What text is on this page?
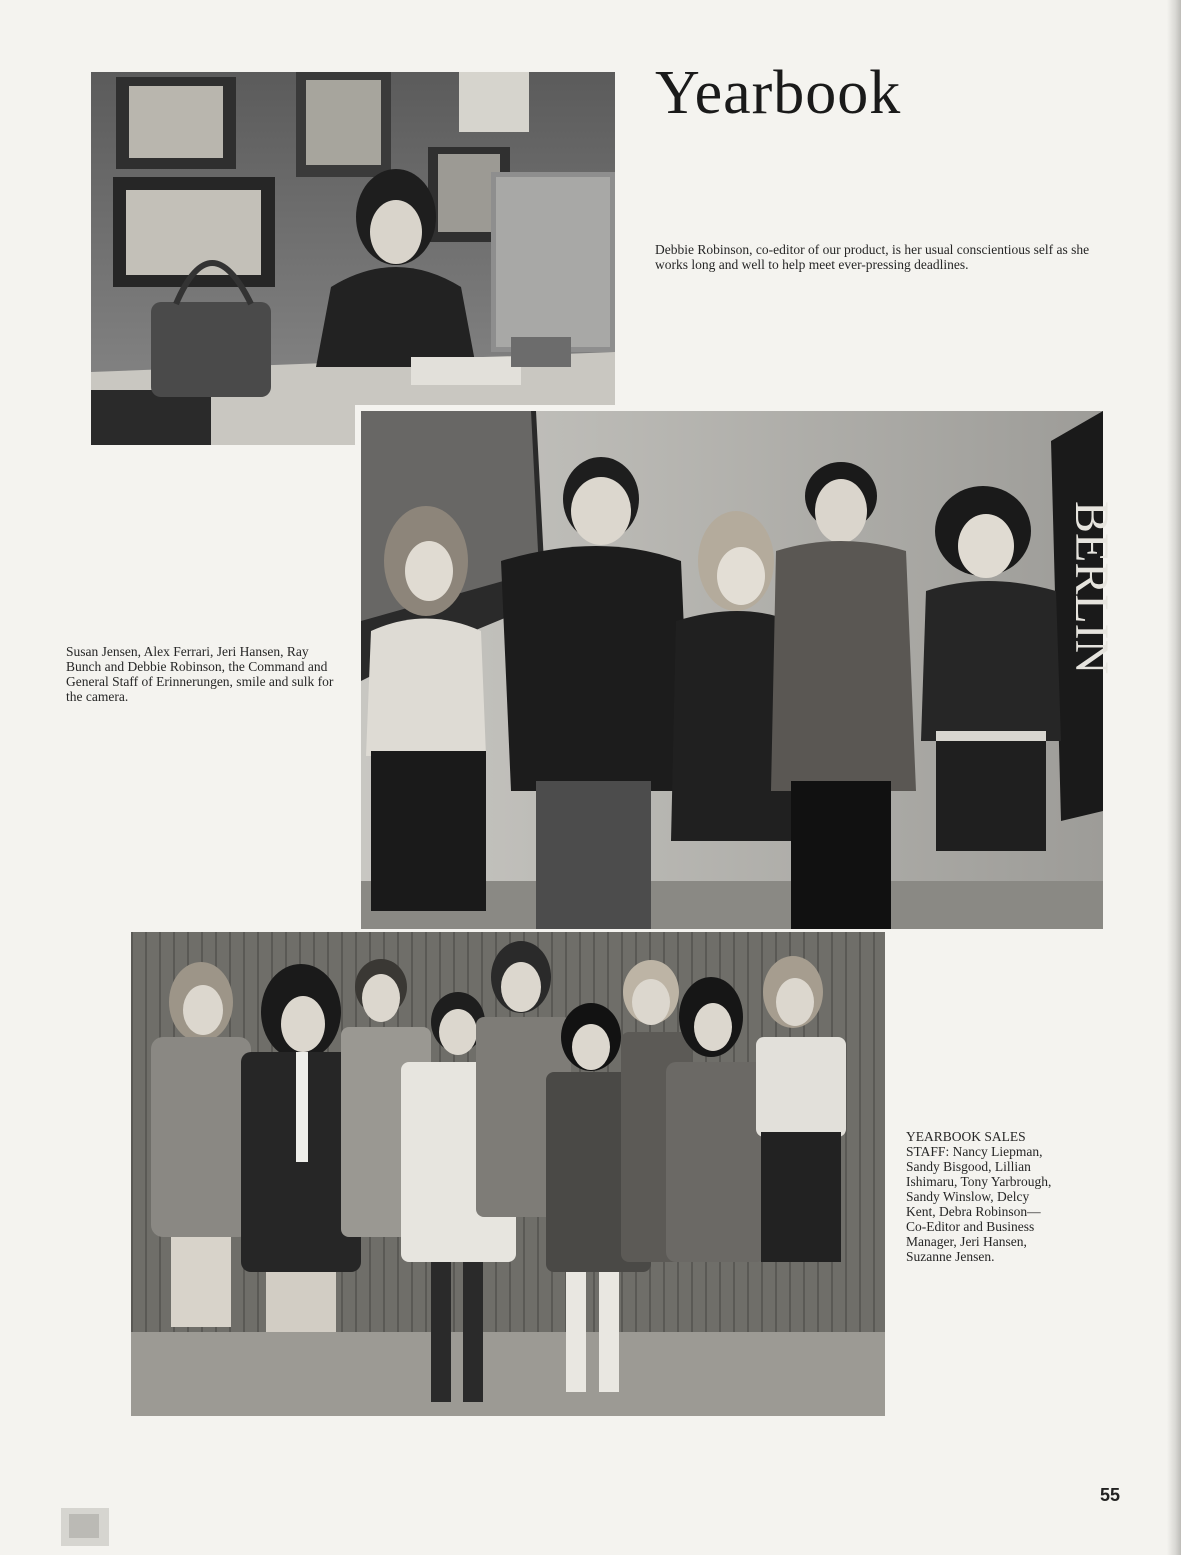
Yearbook

Debbie Robinson, co-editor of our product, is her usual conscientious self as she works long and well to help meet ever-pressing deadlines.

BERLIN

Susan Jensen, Alex Ferrari, Jeri Hansen, Ray Bunch and Debbie Robinson, the Command and General Staff of Erinnerungen, smile and sulk for the camera.

YEARBOOK SALES STAFF: Nancy Liepman, Sandy Bisgood, Lillian Ishimaru, Tony Yarbrough, Sandy Winslow, Delcy Kent, Debra Robinson—Co-Editor and Business Manager, Jeri Hansen, Suzanne Jensen.

55
